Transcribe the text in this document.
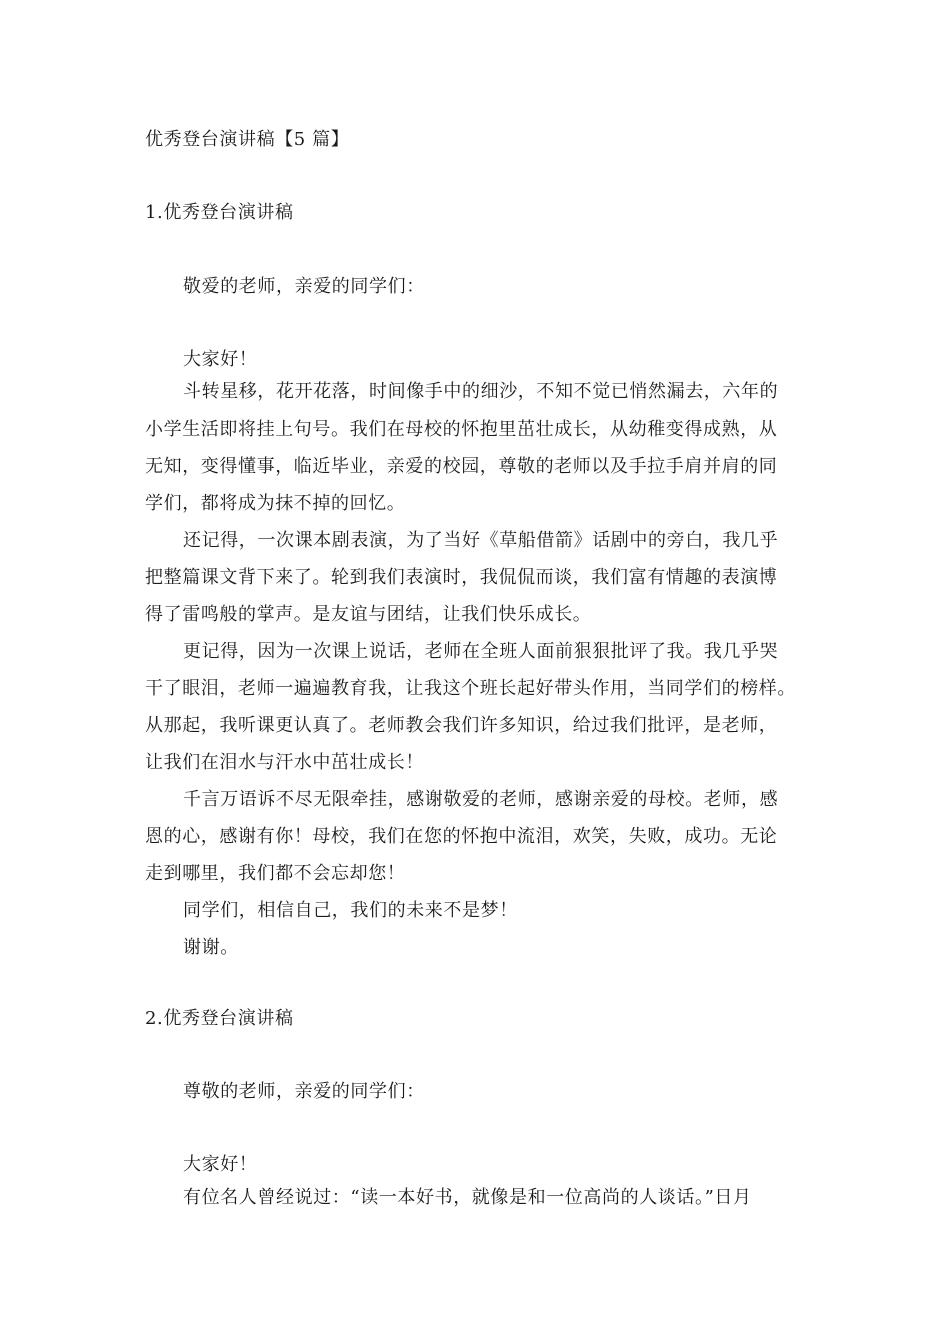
优秀登台演讲稿【5 篇】
1.优秀登台演讲稿
敬爱的老师，亲爱的同学们：
大家好！
斗转星移，花开花落，时间像手中的细沙，不知不觉已悄然漏去，六年的
小学生活即将挂上句号。我们在母校的怀抱里茁壮成长，从幼稚变得成熟，从
无知，变得懂事，临近毕业，亲爱的校园，尊敬的老师以及手拉手肩并肩的同
学们，都将成为抹不掉的回忆。
还记得，一次课本剧表演，为了当好《草船借箭》话剧中的旁白，我几乎
把整篇课文背下来了。轮到我们表演时，我侃侃而谈，我们富有情趣的表演博
得了雷鸣般的掌声。是友谊与团结，让我们快乐成长。
更记得，因为一次课上说话，老师在全班人面前狠狠批评了我。我几乎哭
干了眼泪，老师一遍遍教育我，让我这个班长起好带头作用，当同学们的榜样。
从那起，我听课更认真了。老师教会我们许多知识，给过我们批评，是老师，
让我们在泪水与汗水中茁壮成长！
千言万语诉不尽无限牵挂，感谢敬爱的老师，感谢亲爱的母校。老师，感
恩的心，感谢有你！母校，我们在您的怀抱中流泪，欢笑，失败，成功。无论
走到哪里，我们都不会忘却您！
同学们，相信自己，我们的未来不是梦！
谢谢。
2.优秀登台演讲稿
尊敬的老师，亲爱的同学们：
大家好！
有位名人曾经说过：“读一本好书，就像是和一位高尚的人谈话。”日月
